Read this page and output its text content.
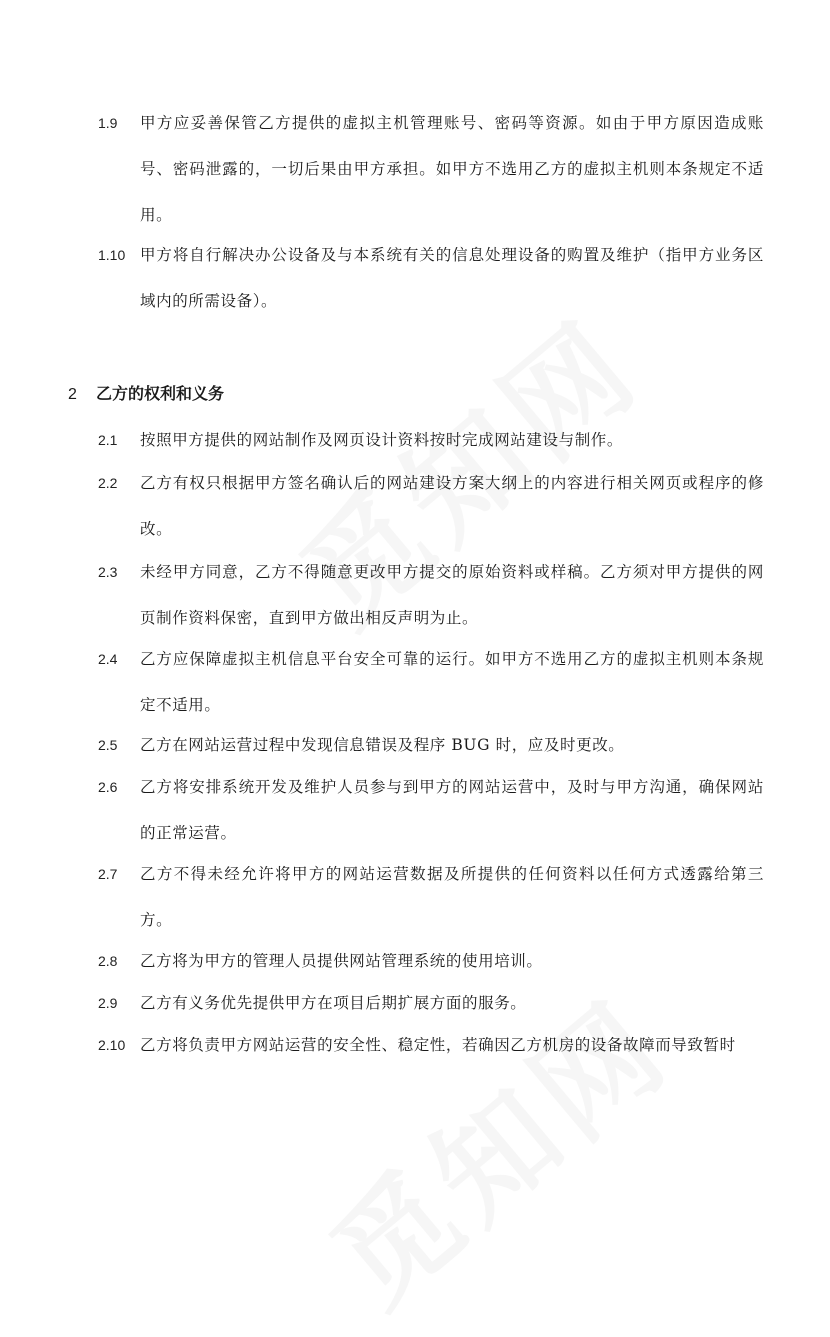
1.9 甲方应妥善保管乙方提供的虚拟主机管理账号、密码等资源。如由于甲方原因造成账号、密码泄露的，一切后果由甲方承担。如甲方不选用乙方的虚拟主机则本条规定不适用。
1.10 甲方将自行解决办公设备及与本系统有关的信息处理设备的购置及维护（指甲方业务区域内的所需设备）。
2 乙方的权利和义务
2.1 按照甲方提供的网站制作及网页设计资料按时完成网站建设与制作。
2.2 乙方有权只根据甲方签名确认后的网站建设方案大纲上的内容进行相关网页或程序的修改。
2.3 未经甲方同意，乙方不得随意更改甲方提交的原始资料或样稿。乙方须对甲方提供的网页制作资料保密，直到甲方做出相反声明为止。
2.4 乙方应保障虚拟主机信息平台安全可靠的运行。如甲方不选用乙方的虚拟主机则本条规定不适用。
2.5 乙方在网站运营过程中发现信息错误及程序 BUG 时，应及时更改。
2.6 乙方将安排系统开发及维护人员参与到甲方的网站运营中，及时与甲方沟通，确保网站的正常运营。
2.7 乙方不得未经允许将甲方的网站运营数据及所提供的任何资料以任何方式透露给第三方。
2.8 乙方将为甲方的管理人员提供网站管理系统的使用培训。
2.9 乙方有义务优先提供甲方在项目后期扩展方面的服务。
2.10 乙方将负责甲方网站运营的安全性、稳定性，若确因乙方机房的设备故障而导致暂时
